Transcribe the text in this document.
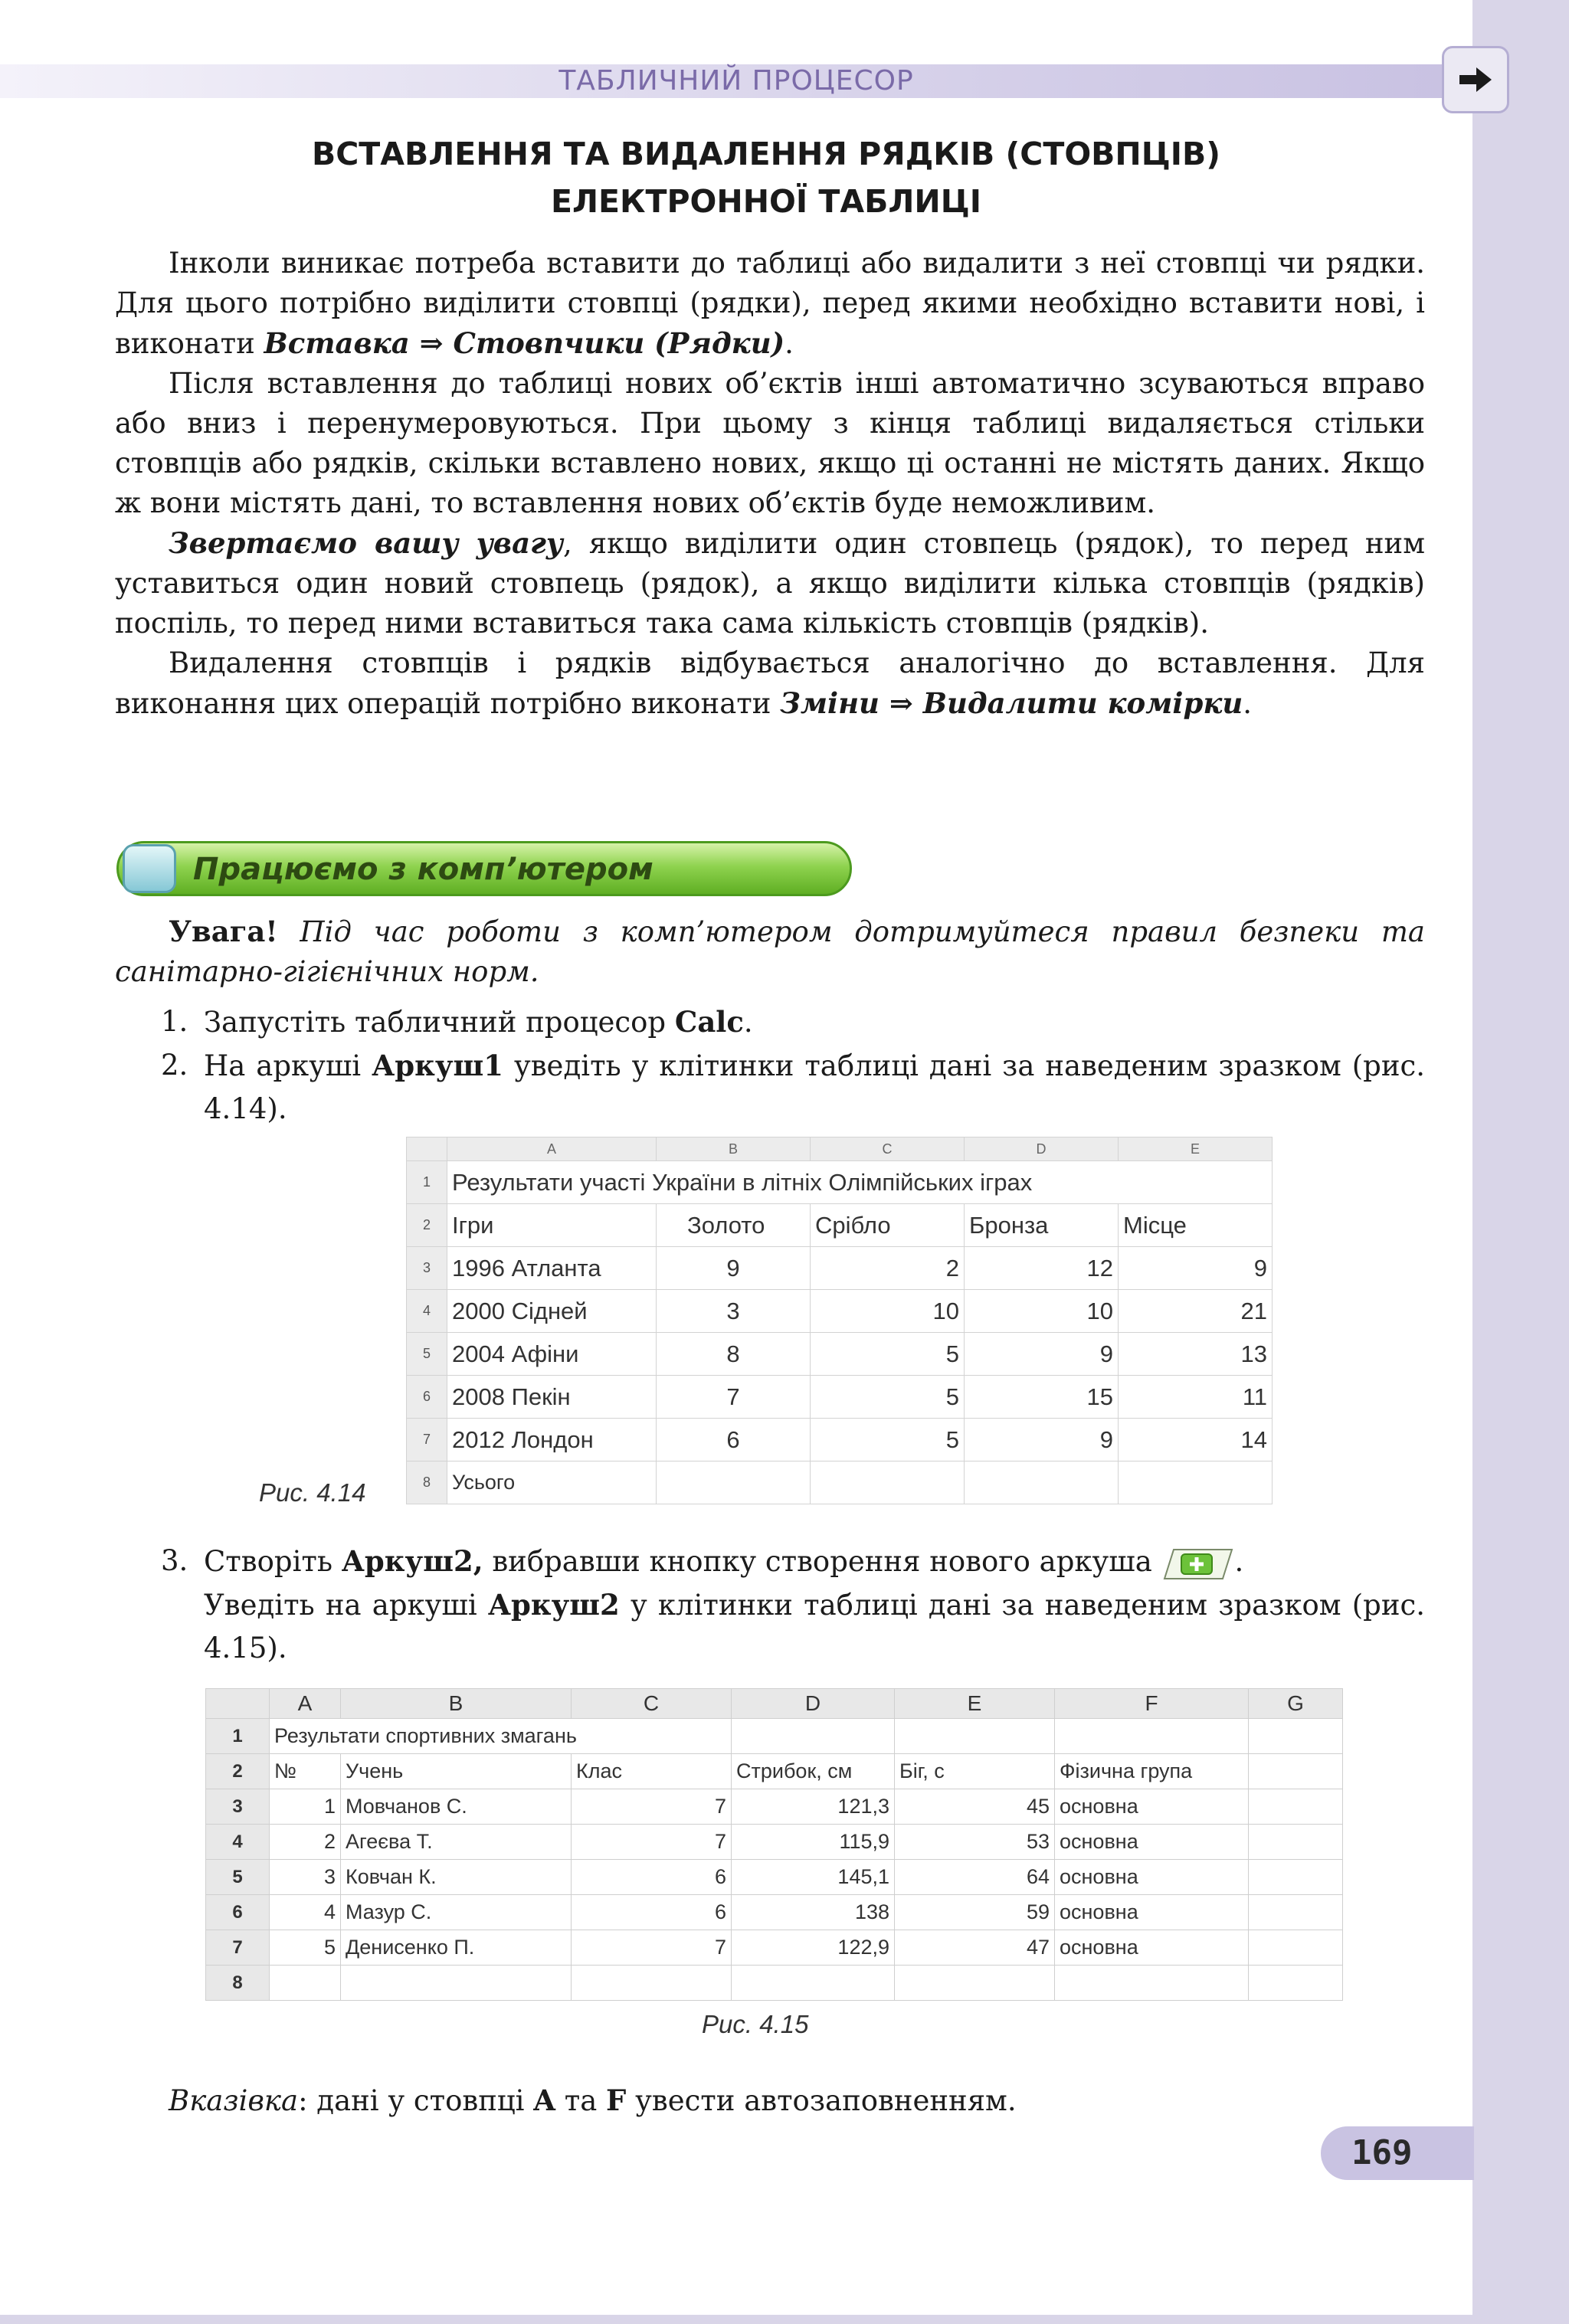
ТАБЛИЧНИЙ ПРОЦЕСОР
ВСТАВЛЕННЯ ТА ВИДАЛЕННЯ РЯДКІВ (СТОВПЦІВ)
ЕЛЕКТРОННОЇ ТАБЛИЦІ

Інколи виникає потреба вставити до таблиці або видалити з неї стовпці чи рядки. Для цього потрібно виділити стовпці (рядки), перед якими необхідно вставити нові, і виконати Вставка ⇒ Стовпчики (Рядки).

Після вставлення до таблиці нових об’єктів інші автоматично зсуваються вправо або вниз і перенумеровуються. При цьому з кінця таблиці видаляється стільки стовпців або рядків, скільки вставлено нових, якщо ці останні не містять даних. Якщо ж вони містять дані, то вставлення нових об’єктів буде неможливим.

Звертаємо вашу увагу, якщо виділити один стовпець (рядок), то перед ним уставиться один новий стовпець (рядок), а якщо виділити кілька стовпців (рядків) поспіль, то перед ними вставиться така сама кількість стовпців (рядків).

Видалення стовпців і рядків відбувається аналогічно до вставлення. Для виконання цих операцій потрібно виконати Зміни ⇒ Видалити комірки.

Працюємо з комп’ютером

Увага! Під час роботи з комп’ютером дотримуйтеся правил безпеки та санітарно-гігієнічних норм.

1. Запустіть табличний процесор Calc.
2. На аркуші Аркуш1 уведіть у клітинки таблиці дані за наведеним зразком (рис. 4.14).
	A	B	C	D	E
1	Результати участі України в літніх Олімпійських іграх				
2	Ігри	Золото	Срібло	Бронза	Місце
3	1996 Атланта	9	2	12	9
4	2000 Сідней	3	10	10	21
5	2004 Афіни	8	5	9	13
6	2008 Пекін	7	5	15	11
7	2012 Лондон	6	5	9	14
8	Усього				
Рис. 4.14
3. Створіть Аркуш2, вибравши кнопку створення нового аркуша	.
Уведіть на аркуші Аркуш2 у клітинки таблиці дані за наведеним зразком (рис. 4.15).
	A	B	C	D	E	F	G
1	Результати спортивних змагань						
2	№	Учень	Клас	Стрибок, см	Біг, с	Фізична група	
3	1	Мовчанов С.	7	121,3	45	основна	
4	2	Агеєва Т.	7	115,9	53	основна	
5	3	Ковчан К.	6	145,1	64	основна	
6	4	Мазур С.	6	138	59	основна	
7	5	Денисенко П.	7	122,9	47	основна	
8							
Рис. 4.15

Вказівка: дані у стовпці A та F увести автозаповненням.

169
